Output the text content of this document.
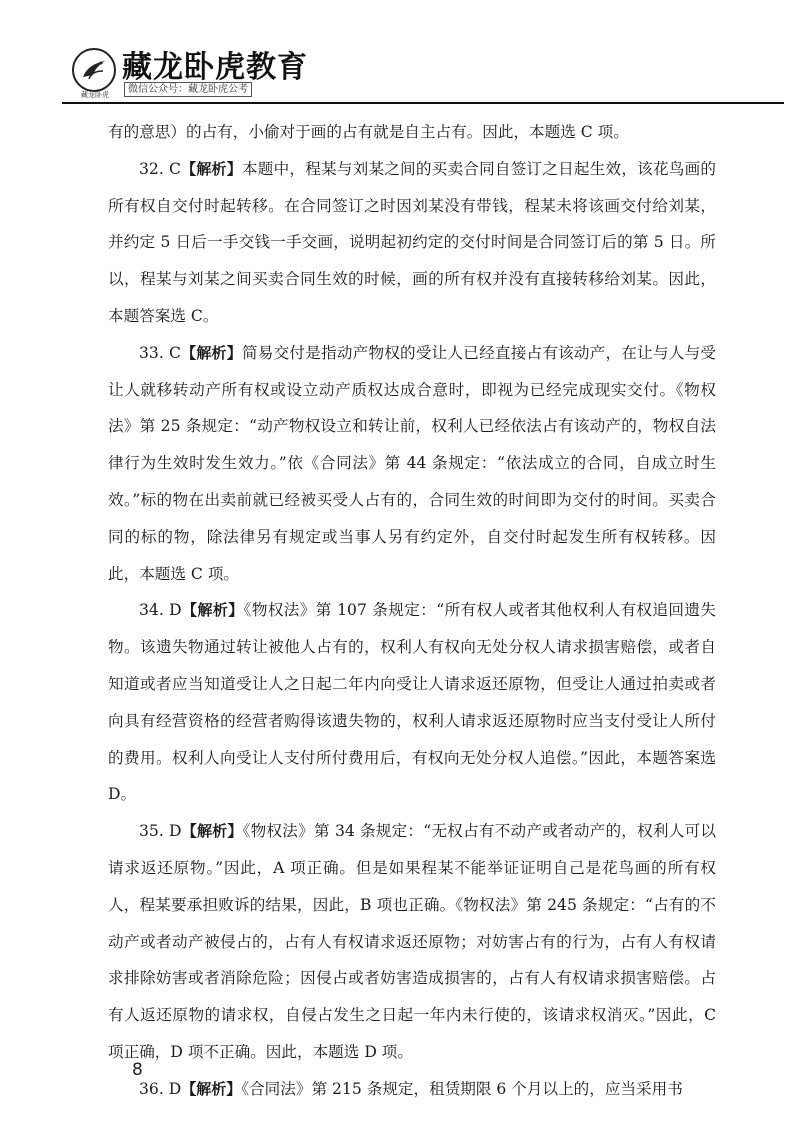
藏龙卧虎
藏龙卧虎教育
微信公众号：藏龙卧虎公考

有的意思）的占有，小偷对于画的占有就是自主占有。因此，本题选 C 项。

32. C【解析】本题中，程某与刘某之间的买卖合同自签订之日起生效，该花鸟画的所有权自交付时起转移。在合同签订之时因刘某没有带钱，程某未将该画交付给刘某，并约定 5 日后一手交钱一手交画，说明起初约定的交付时间是合同签订后的第 5 日。所以，程某与刘某之间买卖合同生效的时候，画的所有权并没有直接转移给刘某。因此，本题答案选 C。

33. C【解析】简易交付是指动产物权的受让人已经直接占有该动产，在让与人与受让人就移转动产所有权或设立动产质权达成合意时，即视为已经完成现实交付。《物权法》第 25 条规定：“动产物权设立和转让前，权利人已经依法占有该动产的，物权自法律行为生效时发生效力。”依《合同法》第 44 条规定：“依法成立的合同，自成立时生效。”标的物在出卖前就已经被买受人占有的，合同生效的时间即为交付的时间。买卖合同的标的物，除法律另有规定或当事人另有约定外，自交付时起发生所有权转移。因此，本题选 C 项。

34. D【解析】《物权法》第 107 条规定：“所有权人或者其他权利人有权追回遗失物。该遗失物通过转让被他人占有的，权利人有权向无处分权人请求损害赔偿，或者自知道或者应当知道受让人之日起二年内向受让人请求返还原物，但受让人通过拍卖或者向具有经营资格的经营者购得该遗失物的，权利人请求返还原物时应当支付受让人所付的费用。权利人向受让人支付所付费用后，有权向无处分权人追偿。”因此，本题答案选 D。

35. D【解析】《物权法》第 34 条规定：“无权占有不动产或者动产的，权利人可以请求返还原物。”因此，A 项正确。但是如果程某不能举证证明自己是花鸟画的所有权人，程某要承担败诉的结果，因此，B 项也正确。《物权法》第 245 条规定：“占有的不动产或者动产被侵占的，占有人有权请求返还原物；对妨害占有的行为，占有人有权请求排除妨害或者消除危险；因侵占或者妨害造成损害的，占有人有权请求损害赔偿。占有人返还原物的请求权，自侵占发生之日起一年内未行使的，该请求权消灭。”因此，C 项正确，D 项不正确。因此，本题选 D 项。

36. D【解析】《合同法》第 215 条规定，租赁期限 6 个月以上的，应当采用书

8
